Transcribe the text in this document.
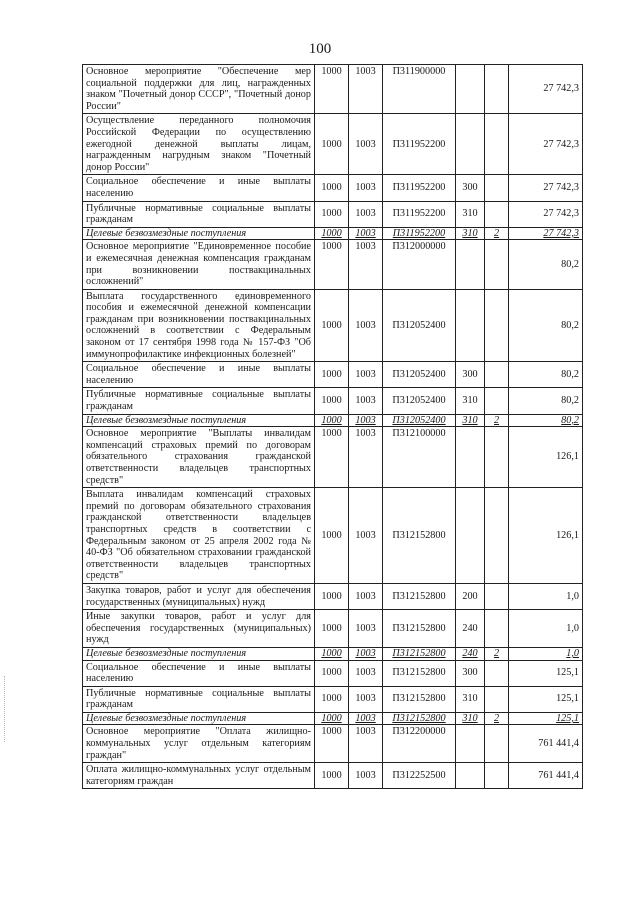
100
Основное мероприятие "Обеспечение мер социальной поддержки для лиц, награжденных знаком "Почетный донор СССР", "Почетный донор России"	1000	1003	П311900000			27 742,3
Осуществление переданного полномочия Российской Федерации по осуществлению ежегодной денежной выплаты лицам, награжденным нагрудным знаком "Почетный донор России"	1000	1003	П311952200			27 742,3
Социальное обеспечение и иные выплаты населению	1000	1003	П311952200	300		27 742,3
Публичные нормативные социальные выплаты гражданам	1000	1003	П311952200	310		27 742,3
Целевые безвозмездные поступления	1000	1003	П311952200	310	2	27 742,3
Основное мероприятие "Единовременное пособие и ежемесячная денежная компенсация гражданам при возникновении поствакцинальных осложнений"	1000	1003	П312000000			80,2
Выплата государственного единовременного пособия и ежемесячной денежной компенсации гражданам при возникновении поствакцинальных осложнений в соответствии с Федеральным законом от 17 сентября 1998 года № 157-ФЗ "Об иммунопрофилактике инфекционных болезней"	1000	1003	П312052400			80,2
Социальное обеспечение и иные выплаты населению	1000	1003	П312052400	300		80,2
Публичные нормативные социальные выплаты гражданам	1000	1003	П312052400	310		80,2
Целевые безвозмездные поступления	1000	1003	П312052400	310	2	80,2
Основное мероприятие "Выплаты инвалидам компенсаций страховых премий по договорам обязательного страхования гражданской ответственности владельцев транспортных средств"	1000	1003	П312100000			126,1
Выплата инвалидам компенсаций страховых премий по договорам обязательного страхования гражданской ответственности владельцев транспортных средств в соответствии с Федеральным законом от 25 апреля 2002 года № 40-ФЗ "Об обязательном страховании гражданской ответственности владельцев транспортных средств"	1000	1003	П312152800			126,1
Закупка товаров, работ и услуг для обеспечения государственных (муниципальных) нужд	1000	1003	П312152800	200		1,0
Иные закупки товаров, работ и услуг для обеспечения государственных (муниципальных) нужд	1000	1003	П312152800	240		1,0
Целевые безвозмездные поступления	1000	1003	П312152800	240	2	1,0
Социальное обеспечение и иные выплаты населению	1000	1003	П312152800	300		125,1
Публичные нормативные социальные выплаты гражданам	1000	1003	П312152800	310		125,1
Целевые безвозмездные поступления	1000	1003	П312152800	310	2	125,1
Основное мероприятие "Оплата жилищно-коммунальных услуг отдельным категориям граждан"	1000	1003	П312200000			761 441,4
Оплата жилищно-коммунальных услуг отдельным категориям граждан	1000	1003	П312252500			761 441,4
